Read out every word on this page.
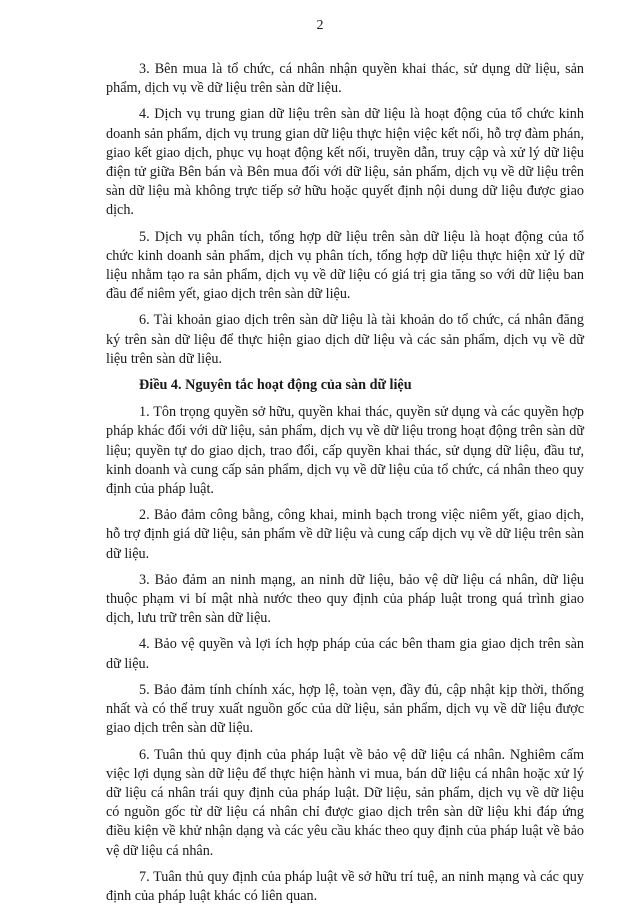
2

3. Bên mua là tổ chức, cá nhân nhận quyền khai thác, sử dụng dữ liệu, sản phẩm, dịch vụ về dữ liệu trên sàn dữ liệu.

4. Dịch vụ trung gian dữ liệu trên sàn dữ liệu là hoạt động của tổ chức kinh doanh sản phẩm, dịch vụ trung gian dữ liệu thực hiện việc kết nối, hỗ trợ đàm phán, giao kết giao dịch, phục vụ hoạt động kết nối, truyền dẫn, truy cập và xử lý dữ liệu điện tử giữa Bên bán và Bên mua đối với dữ liệu, sản phẩm, dịch vụ về dữ liệu trên sàn dữ liệu mà không trực tiếp sở hữu hoặc quyết định nội dung dữ liệu được giao dịch.

5. Dịch vụ phân tích, tổng hợp dữ liệu trên sàn dữ liệu là hoạt động của tổ chức kinh doanh sản phẩm, dịch vụ phân tích, tổng hợp dữ liệu thực hiện xử lý dữ liệu nhằm tạo ra sản phẩm, dịch vụ về dữ liệu có giá trị gia tăng so với dữ liệu ban đầu để niêm yết, giao dịch trên sàn dữ liệu.

6. Tài khoản giao dịch trên sàn dữ liệu là tài khoản do tổ chức, cá nhân đăng ký trên sàn dữ liệu để thực hiện giao dịch dữ liệu và các sản phẩm, dịch vụ về dữ liệu trên sàn dữ liệu.

Điều 4. Nguyên tắc hoạt động của sàn dữ liệu

1. Tôn trọng quyền sở hữu, quyền khai thác, quyền sử dụng và các quyền hợp pháp khác đối với dữ liệu, sản phẩm, dịch vụ về dữ liệu trong hoạt động trên sàn dữ liệu; quyền tự do giao dịch, trao đổi, cấp quyền khai thác, sử dụng dữ liệu, đầu tư, kinh doanh và cung cấp sản phẩm, dịch vụ về dữ liệu của tổ chức, cá nhân theo quy định của pháp luật.

2. Bảo đảm công bằng, công khai, minh bạch trong việc niêm yết, giao dịch, hỗ trợ định giá dữ liệu, sản phẩm về dữ liệu và cung cấp dịch vụ về dữ liệu trên sàn dữ liệu.

3. Bảo đảm an ninh mạng, an ninh dữ liệu, bảo vệ dữ liệu cá nhân, dữ liệu thuộc phạm vi bí mật nhà nước theo quy định của pháp luật trong quá trình giao dịch, lưu trữ trên sàn dữ liệu.

4. Bảo vệ quyền và lợi ích hợp pháp của các bên tham gia giao dịch trên sàn dữ liệu.

5. Bảo đảm tính chính xác, hợp lệ, toàn vẹn, đầy đủ, cập nhật kịp thời, thống nhất và có thể truy xuất nguồn gốc của dữ liệu, sản phẩm, dịch vụ về dữ liệu được giao dịch trên sàn dữ liệu.

6. Tuân thủ quy định của pháp luật về bảo vệ dữ liệu cá nhân. Nghiêm cấm việc lợi dụng sàn dữ liệu để thực hiện hành vi mua, bán dữ liệu cá nhân hoặc xử lý dữ liệu cá nhân trái quy định của pháp luật. Dữ liệu, sản phẩm, dịch vụ về dữ liệu có nguồn gốc từ dữ liệu cá nhân chỉ được giao dịch trên sàn dữ liệu khi đáp ứng điều kiện về khử nhận dạng và các yêu cầu khác theo quy định của pháp luật về bảo vệ dữ liệu cá nhân.

7. Tuân thủ quy định của pháp luật về sở hữu trí tuệ, an ninh mạng và các quy định của pháp luật khác có liên quan.
